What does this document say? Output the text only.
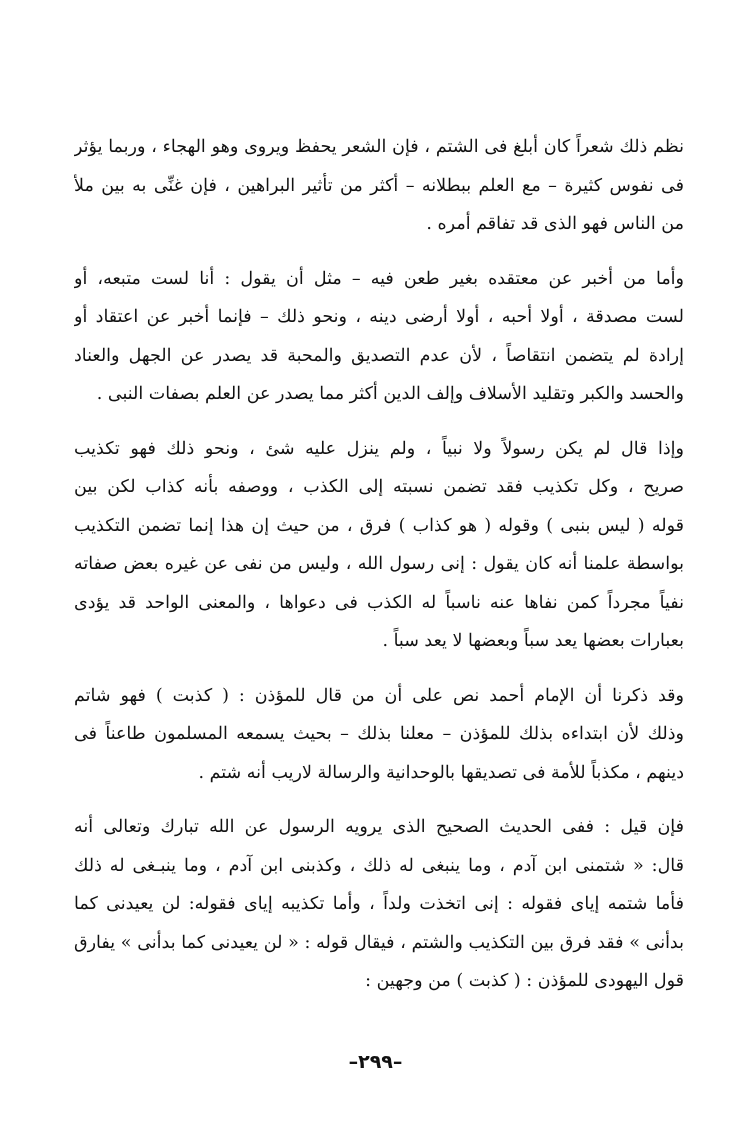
نظم ذلك شعراً كان أبلغ فى الشتم ، فإن الشعر يحفظ ويروى وهو الهجاء ، وربما يؤثر
فى نفوس كثيرة – مع العلم ببطلانه – أكثر من تأثير البراهين ، فإن غنِّى به بين ملأ
من الناس فهو الذى قد تفاقم أمره .
وأما من أخبر عن معتقده بغير طعن فيه – مثل أن يقول : أنا لست متبعه، أو
لست مصدقة ، أولا أحبه ، أولا أرضى دينه ، ونحو ذلك – فإنما أخبر عن اعتقاد أو
إرادة لم يتضمن انتقاصاً ، لأن عدم التصديق والمحبة قد يصدر عن الجهل والعناد
والحسد والكبر وتقليد الأسلاف وإلف الدين أكثر مما يصدر عن العلم بصفات النبى .
وإذا قال لم يكن رسولاً ولا نبياً ، ولم ينزل عليه شئ ، ونحو ذلك فهو تكذيب
صريح ، وكل تكذيب فقد تضمن نسبته إلى الكذب ، ووصفه بأنه كذاب لكن بين
قوله ( ليس بنبى ) وقوله ( هو كذاب ) فرق ، من حيث إن هذا إنما تضمن التكذيب
بواسطة علمنا أنه كان يقول : إنى رسول الله ، وليس من نفى عن غيره بعض صفاته
نفياً مجرداً كمن نفاها عنه ناسباً له الكذب فى دعواها ، والمعنى الواحد قد يؤدى
بعبارات بعضها يعد سباً وبعضها لا يعد سباً .
وقد ذكرنا أن الإمام أحمد نص على أن من قال للمؤذن : ( كذبت ) فهو شاتم
وذلك لأن ابتداءه بذلك للمؤذن – معلنا بذلك – بحيث يسمعه المسلمون طاعناً فى
دينهم ، مكذباً للأمة فى تصديقها بالوحدانية والرسالة لاريب أنه شتم .
فإن قيل : ففى الحديث الصحيح الذى يرويه الرسول عن الله تبارك وتعالى أنه
قال: « شتمنى ابن آدم ، وما ينبغى له ذلك ، وكذبنى ابن آدم ، وما ينبـغى له ذلك
فأما شتمه إياى فقوله : إنى اتخذت ولداً ، وأما تكذيبه إياى فقوله: لن يعيدنى كما
بدأنى » فقد فرق بين التكذيب والشتم ، فيقال قوله : « لن يعيدنى كما بدأنى » يفارق
قول اليهودى للمؤذن : ( كذبت ) من وجهين :
–٢٩٩–
